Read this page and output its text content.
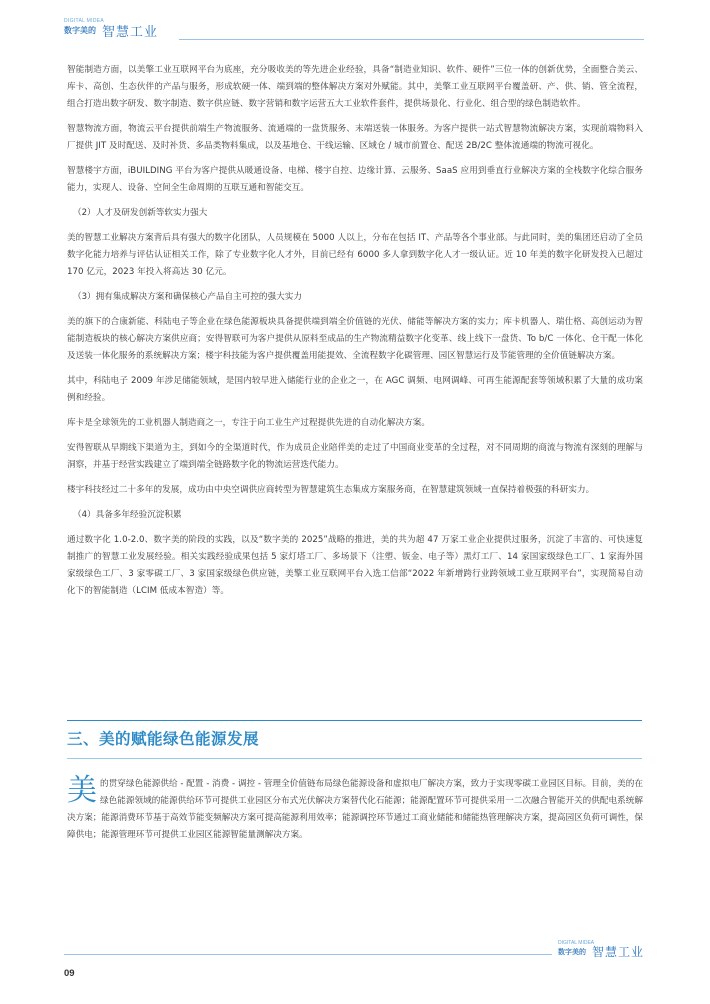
DIGITAL MIDEA
数字美的 智慧工业

智能制造方面，以美擎工业互联网平台为底座，充分吸收美的等先进企业经验，具备“制造业知识、软件、硬件”三位一体的创新优势，全面整合美云、库卡、高创、生态伙伴的产品与服务，形成软硬一体、端到端的整体解决方案对外赋能。其中，美擎工业互联网平台覆盖研、产、供、销、管全流程，组合打造出数字研发、数字制造、数字供应链、数字营销和数字运营五大工业软件套件，提供场景化、行业化、组合型的绿色制造软件。

智慧物流方面，物流云平台提供前端生产物流服务、流通端的一盘货服务、末端送装一体服务。为客户提供一站式智慧物流解决方案，实现前端物料入厂提供 JIT 及时配送、及时补货、多品类物料集成，以及基地仓、干线运输、区域仓 / 城市前置仓、配送 2B/2C 整体流通端的物流可视化。

智慧楼宇方面，iBUILDING 平台为客户提供从暖通设备、电梯、楼宇自控、边缘计算、云服务、SaaS 应用到垂直行业解决方案的全栈数字化综合服务能力，实现人、设备、空间全生命周期的互联互通和智能交互。

（2）人才及研发创新等软实力强大

美的智慧工业解决方案背后具有强大的数字化团队，人员规模在 5000 人以上，分布在包括 IT、产品等各个事业部。与此同时，美的集团还启动了全员数字化能力培养与评估认证相关工作，除了专业数字化人才外，目前已经有 6000 多人拿到数字化人才一级认证。近 10 年美的数字化研发投入已超过 170 亿元，2023 年投入将高达 30 亿元。

（3）拥有集成解决方案和确保核心产品自主可控的强大实力

美的旗下的合康新能、科陆电子等企业在绿色能源板块具备提供端到端全价值链的光伏、储能等解决方案的实力；库卡机器人、瑞仕格、高创运动为智能制造板块的核心解决方案供应商；安得智联可为客户提供从原料至成品的生产物流精益数字化变革、线上线下一盘货、To b/C 一体化、仓干配一体化及送装一体化服务的系统解决方案；楼宇科技能为客户提供覆盖用能提效、全流程数字化碳管理、园区智慧运行及节能管理的全价值链解决方案。

其中，科陆电子 2009 年涉足储能领域，是国内较早进入储能行业的企业之一，在 AGC 调频、电网调峰、可再生能源配套等领域积累了大量的成功案例和经验。

库卡是全球领先的工业机器人制造商之一，专注于向工业生产过程提供先进的自动化解决方案。

安得智联从早期线下渠道为主，到如今的全渠道时代，作为成员企业陪伴美的走过了中国商业变革的全过程，对不同周期的商流与物流有深刻的理解与洞察，并基于经营实践建立了端到端全链路数字化的物流运营迭代能力。

楼宇科技经过二十多年的发展，成功由中央空调供应商转型为智慧建筑生态集成方案服务商，在智慧建筑领域一直保持着极强的科研实力。

（4）具备多年经验沉淀积累

通过数字化 1.0-2.0、数字美的阶段的实践，以及“数字美的 2025”战略的推进，美的共为超 47 万家工业企业提供过服务，沉淀了丰富的、可快速复制推广的智慧工业发展经验。相关实践经验成果包括 5 家灯塔工厂、多场景下（注塑、钣金、电子等）黑灯工厂、14 家国家级绿色工厂、1 家海外国家级绿色工厂、3 家零碳工厂、3 家国家级绿色供应链，美擎工业互联网平台入选工信部“2022 年新增跨行业跨领域工业互联网平台”，实现简易自动化下的智能制造（LCIM 低成本智造）等。

三、美的赋能绿色能源发展
美 的贯穿绿色能源供给 - 配置 - 消费 - 调控 - 管理全价值链布局绿色能源设备和虚拟电厂解决方案，致力于实现零碳工业园区目标。目前，美的在绿色能源领域的能源供给环节可提供工业园区分布式光伏解决方案替代化石能源；能源配置环节可提供采用一二次融合智能开关的供配电系统解决方案；能源消费环节基于高效节能变频解决方案可提高能源利用效率；能源调控环节通过工商业储能和储能热管理解决方案，提高园区负荷可调性，保障供电；能源管理环节可提供工业园区能源智能量测解决方案。

DIGITAL MIDEA
数字美的 智慧工业
09
